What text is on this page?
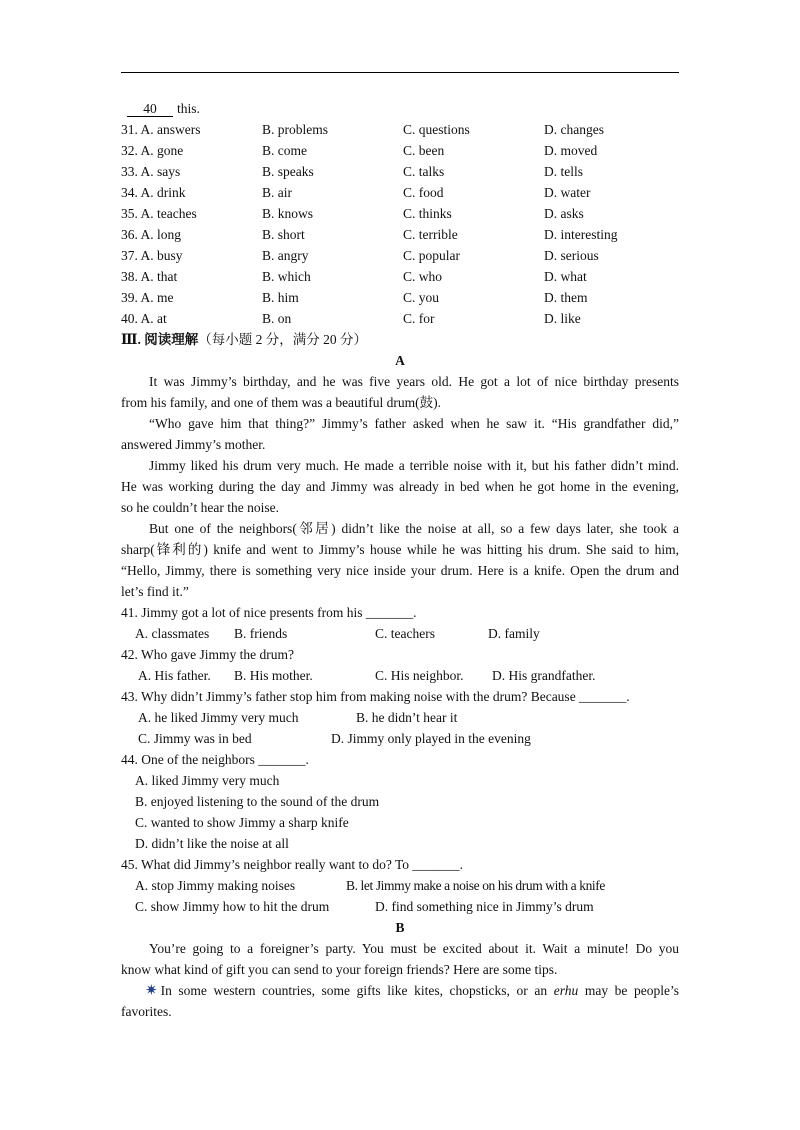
40 this.
31. A. answers	B. problems	C. questions	D. changes
32. A. gone	B. come	C. been	D. moved
33. A. says	B. speaks	C. talks	D. tells
34. A. drink	B. air	C. food	D. water
35. A. teaches	B. knows	C. thinks	D. asks
36. A. long	B. short	C. terrible	D. interesting
37. A. busy	B. angry	C. popular	D. serious
38. A. that	B. which	C. who	D. what
39. A. me	B. him	C. you	D. them
40. A. at	B. on	C. for	D. like
Ⅲ. 阅读理解（每小题 2 分，满分 20 分）
A
It was Jimmy’s birthday, and he was five years old. He got a lot of nice birthday presents
from his family, and one of them was a beautiful drum(鼓).
“Who gave him that thing?” Jimmy’s father asked when he saw it. “His grandfather did,”
answered Jimmy’s mother.
Jimmy liked his drum very much. He made a terrible noise with it, but his father didn’t mind.
He was working during the day and Jimmy was already in bed when he got home in the evening,
so he couldn’t hear the noise.
But one of the neighbors(邻居) didn’t like the noise at all, so a few days later, she took a
sharp(锋利的) knife and went to Jimmy’s house while he was hitting his drum. She said to him,
“Hello, Jimmy, there is something very nice inside your drum. Here is a knife. Open the drum and
let’s find it.”
41. Jimmy got a lot of nice presents from his _______.
A. classmates B. friends	C. teachers	D. family
42. Who gave Jimmy the drum?
A. His father. B. His mother.	C. His neighbor. D. His grandfather.
43. Why didn’t Jimmy’s father stop him from making noise with the drum? Because _______.
A. he liked Jimmy very much	B. he didn’t hear it
C. Jimmy was in bed	D. Jimmy only played in the evening
44. One of the neighbors _______.
A. liked Jimmy very much
B. enjoyed listening to the sound of the drum
C. wanted to show Jimmy a sharp knife
D. didn’t like the noise at all
45. What did Jimmy’s neighbor really want to do? To _______.
A. stop Jimmy making noises	B. let Jimmy make a noise on his drum with a knife
C. show Jimmy how to hit the drum	D. find something nice in Jimmy’s drum
B
You’re going to a foreigner’s party. You must be excited about it. Wait a minute! Do you
know what kind of gift you can send to your foreign friends? Here are some tips.
✷ In some western countries, some gifts like kites, chopsticks, or an erhu may be people’s
favorites.
